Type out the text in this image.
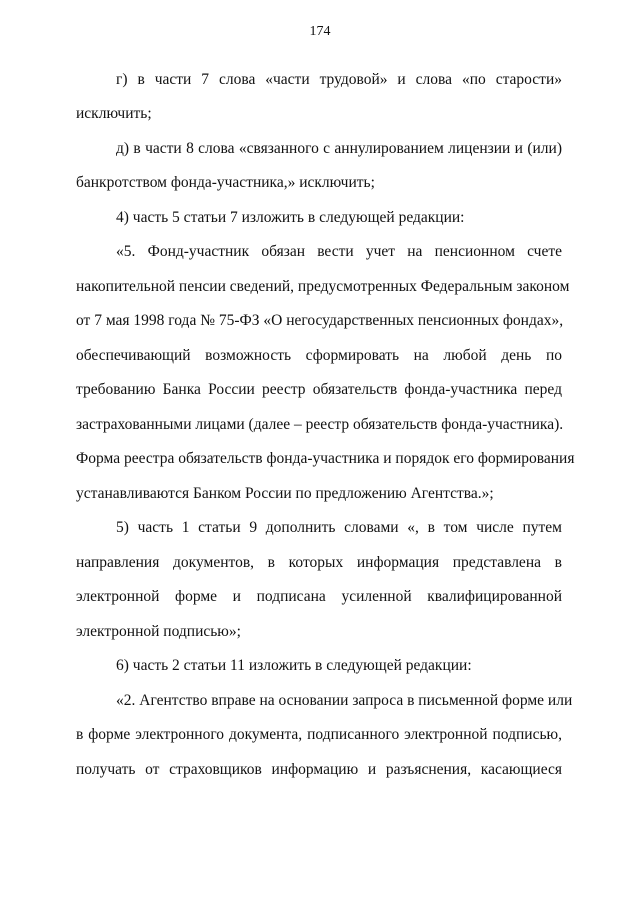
174
г) в части 7 слова «части трудовой» и слова «по старости»
исключить;
д) в части 8 слова «связанного с аннулированием лицензии и (или)
банкротством фонда-участника,» исключить;
4) часть 5 статьи 7 изложить в следующей редакции:
«5. Фонд-участник обязан вести учет на пенсионном счете
накопительной пенсии сведений, предусмотренных Федеральным законом
от 7 мая 1998 года № 75-ФЗ «О негосударственных пенсионных фондах»,
обеспечивающий возможность сформировать на любой день по
требованию Банка России реестр обязательств фонда-участника перед
застрахованными лицами (далее – реестр обязательств фонда-участника).
Форма реестра обязательств фонда-участника и порядок его формирования
устанавливаются Банком России по предложению Агентства.»;
5) часть 1 статьи 9 дополнить словами «, в том числе путем
направления документов, в которых информация представлена в
электронной форме и подписана усиленной квалифицированной
электронной подписью»;
6) часть 2 статьи 11 изложить в следующей редакции:
«2. Агентство вправе на основании запроса в письменной форме или
в форме электронного документа, подписанного электронной подписью,
получать от страховщиков информацию и разъяснения, касающиеся
